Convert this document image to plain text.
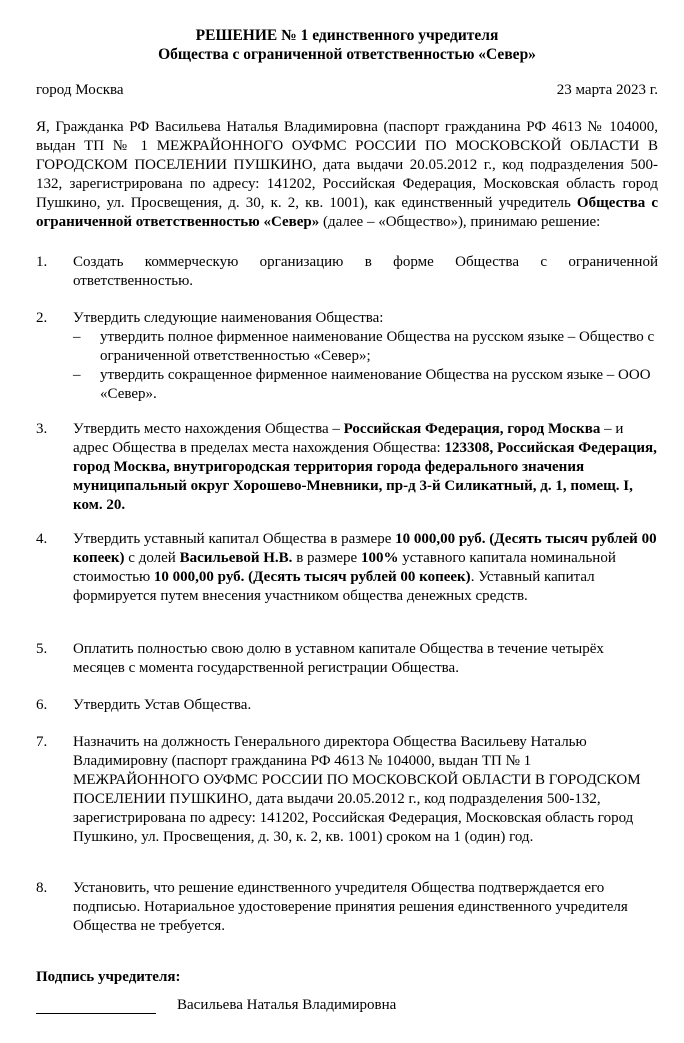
РЕШЕНИЕ № 1 единственного учредителя
Общества с ограниченной ответственностью «Север»
город Москва	23 марта 2023 г.
Я, Гражданка РФ Васильева Наталья Владимировна (паспорт гражданина РФ 4613 № 104000, выдан ТП № 1 МЕЖРАЙОННОГО ОУФМС РОССИИ ПО МОСКОВСКОЙ ОБЛАСТИ В ГОРОДСКОМ ПОСЕЛЕНИИ ПУШКИНО, дата выдачи 20.05.2012 г., код подразделения 500-132, зарегистрирована по адресу: 141202, Российская Федерация, Московская область город Пушкино, ул. Просвещения, д. 30, к. 2, кв. 1001), как единственный учредитель Общества с ограниченной ответственностью «Север» (далее – «Общество»), принимаю решение:
1.	Создать коммерческую организацию в форме Общества с ограниченной ответственностью.
2.	Утвердить следующие наименования Общества:
– утвердить полное фирменное наименование Общества на русском языке – Общество с ограниченной ответственностью «Север»;
– утвердить сокращенное фирменное наименование Общества на русском языке – ООО «Север».
3.	Утвердить место нахождения Общества – Российская Федерация, город Москва – и адрес Общества в пределах места нахождения Общества: 123308, Российская Федерация, город Москва, внутригородская территория города федерального значения муниципальный округ Хорошево-Мневники, пр-д 3-й Силикатный, д. 1, помещ. I, ком. 20.
4.	Утвердить уставный капитал Общества в размере 10 000,00 руб. (Десять тысяч рублей 00 копеек) с долей Васильевой Н.В. в размере 100% уставного капитала номинальной стоимостью 10 000,00 руб. (Десять тысяч рублей 00 копеек). Уставный капитал формируется путем внесения участником общества денежных средств.
5.	Оплатить полностью свою долю в уставном капитале Общества в течение четырёх месяцев с момента государственной регистрации Общества.
6.	Утвердить Устав Общества.
7.	Назначить на должность Генерального директора Общества Васильеву Наталью Владимировну (паспорт гражданина РФ 4613 № 104000, выдан ТП № 1 МЕЖРАЙОННОГО ОУФМС РОССИИ ПО МОСКОВСКОЙ ОБЛАСТИ В ГОРОДСКОМ ПОСЕЛЕНИИ ПУШКИНО, дата выдачи 20.05.2012 г., код подразделения 500-132, зарегистрирована по адресу: 141202, Российская Федерация, Московская область город Пушкино, ул. Просвещения, д. 30, к. 2, кв. 1001) сроком на 1 (один) год.
8.	Установить, что решение единственного учредителя Общества подтверждается его подписью. Нотариальное удостоверение принятия решения единственного учредителя Общества не требуется.
Подпись учредителя:
Васильева Наталья Владимировна
